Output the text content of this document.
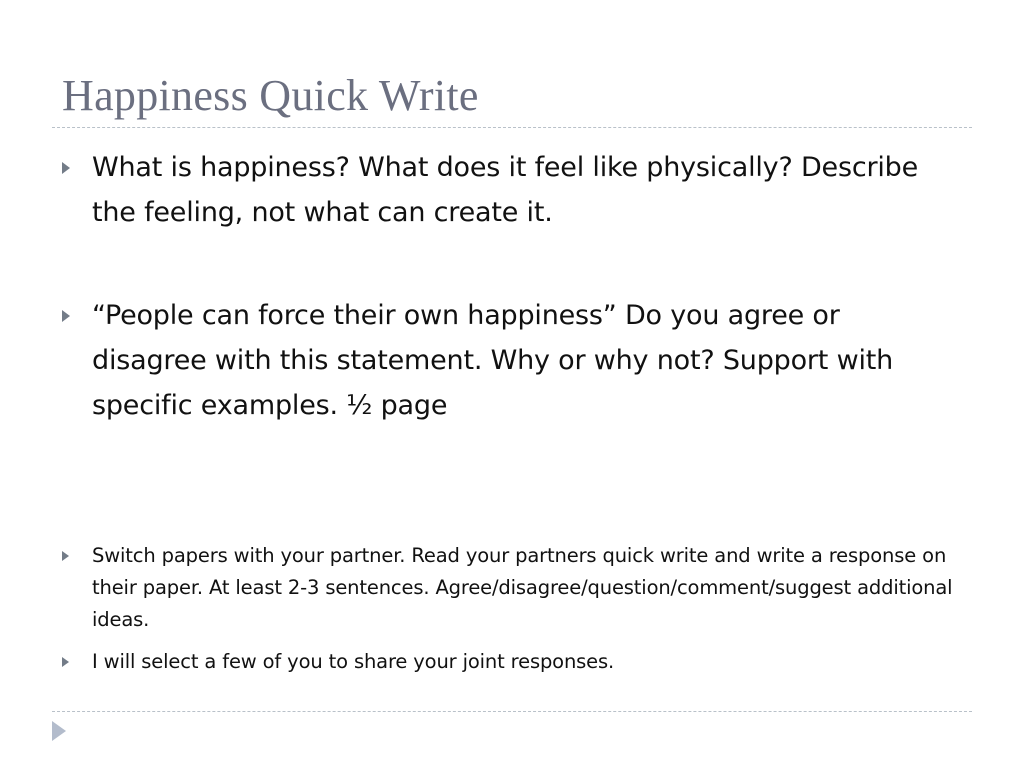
Happiness Quick Write
What is happiness? What does it feel like physically? Describe the feeling, not what can create it.
“People can force their own happiness” Do you agree or disagree with this statement. Why or why not? Support with specific examples. ½ page
Switch papers with your partner. Read your partners quick write and write a response on their paper. At least 2-3 sentences. Agree/disagree/question/comment/suggest additional ideas.
I will select a few of you to share your joint responses.
